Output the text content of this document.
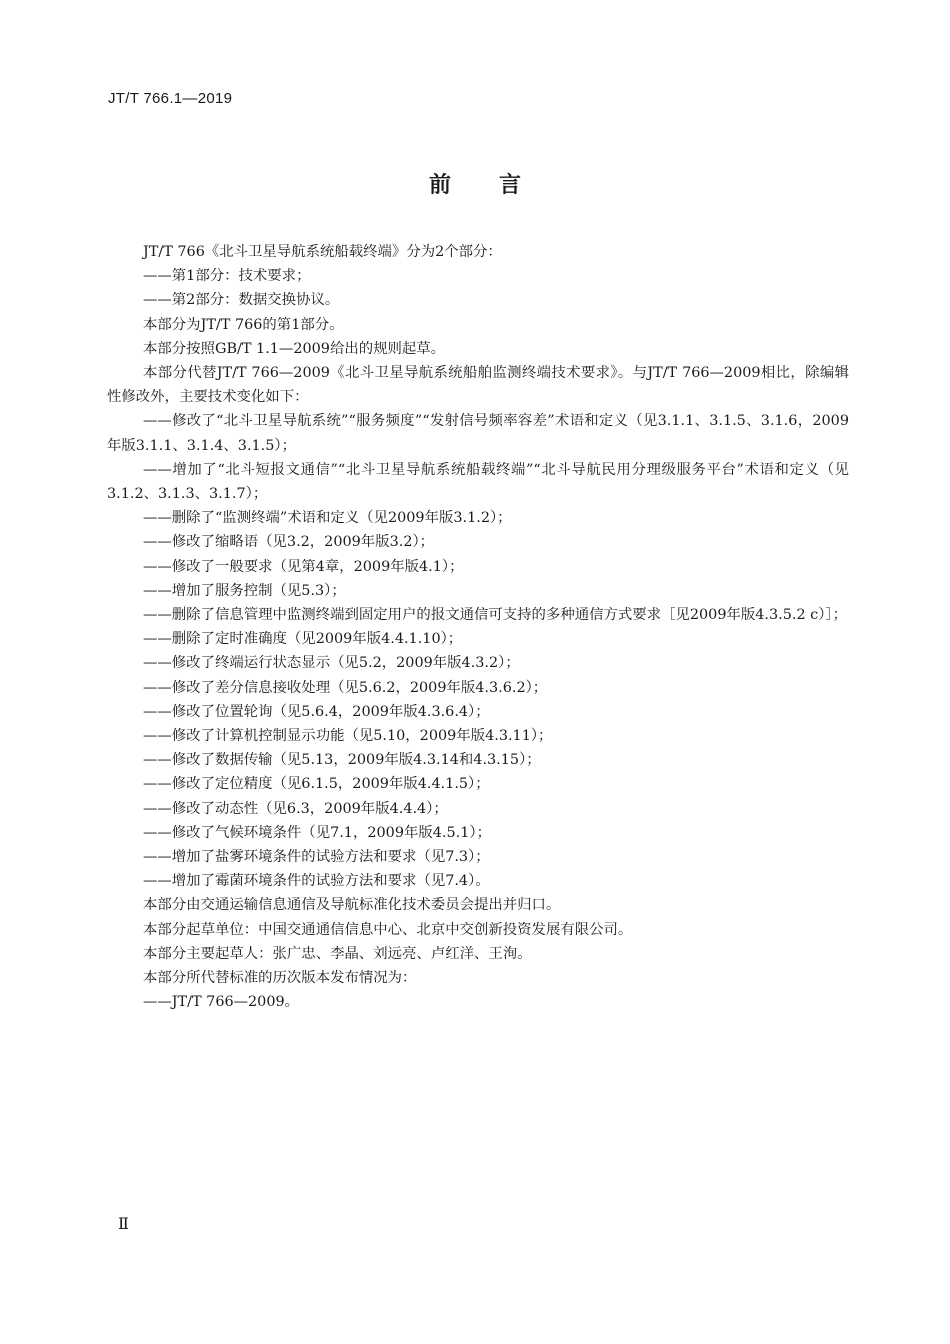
JT/T 766.1—2019
前 言

JT/T 766《北斗卫星导航系统船载终端》分为2个部分：

——第1部分：技术要求；

——第2部分：数据交换协议。

本部分为JT/T 766的第1部分。

本部分按照GB/T 1.1—2009给出的规则起草。

本部分代替JT/T 766—2009《北斗卫星导航系统船舶监测终端技术要求》。与JT/T 766—2009相比，除编辑性修改外，主要技术变化如下：

——修改了“北斗卫星导航系统”“服务频度”“发射信号频率容差”术语和定义（见3.1.1、3.1.5、3.1.6，2009年版3.1.1、3.1.4、3.1.5）；

——增加了“北斗短报文通信”“北斗卫星导航系统船载终端”“北斗导航民用分理级服务平台”术语和定义（见3.1.2、3.1.3、3.1.7）；

——删除了“监测终端”术语和定义（见2009年版3.1.2）；

——修改了缩略语（见3.2，2009年版3.2）；

——修改了一般要求（见第4章，2009年版4.1）；

——增加了服务控制（见5.3）；

——删除了信息管理中监测终端到固定用户的报文通信可支持的多种通信方式要求［见2009年版4.3.5.2 c）］；

——删除了定时准确度（见2009年版4.4.1.10）；

——修改了终端运行状态显示（见5.2，2009年版4.3.2）；

——修改了差分信息接收处理（见5.6.2，2009年版4.3.6.2）；

——修改了位置轮询（见5.6.4，2009年版4.3.6.4）；

——修改了计算机控制显示功能（见5.10，2009年版4.3.11）；

——修改了数据传输（见5.13，2009年版4.3.14和4.3.15）；

——修改了定位精度（见6.1.5，2009年版4.4.1.5）；

——修改了动态性（见6.3，2009年版4.4.4）；

——修改了气候环境条件（见7.1，2009年版4.5.1）；

——增加了盐雾环境条件的试验方法和要求（见7.3）；

——增加了霉菌环境条件的试验方法和要求（见7.4）。

本部分由交通运输信息通信及导航标准化技术委员会提出并归口。

本部分起草单位：中国交通通信信息中心、北京中交创新投资发展有限公司。

本部分主要起草人：张广忠、李晶、刘远亮、卢红洋、王洵。

本部分所代替标准的历次版本发布情况为：

——JT/T 766—2009。

Ⅱ
